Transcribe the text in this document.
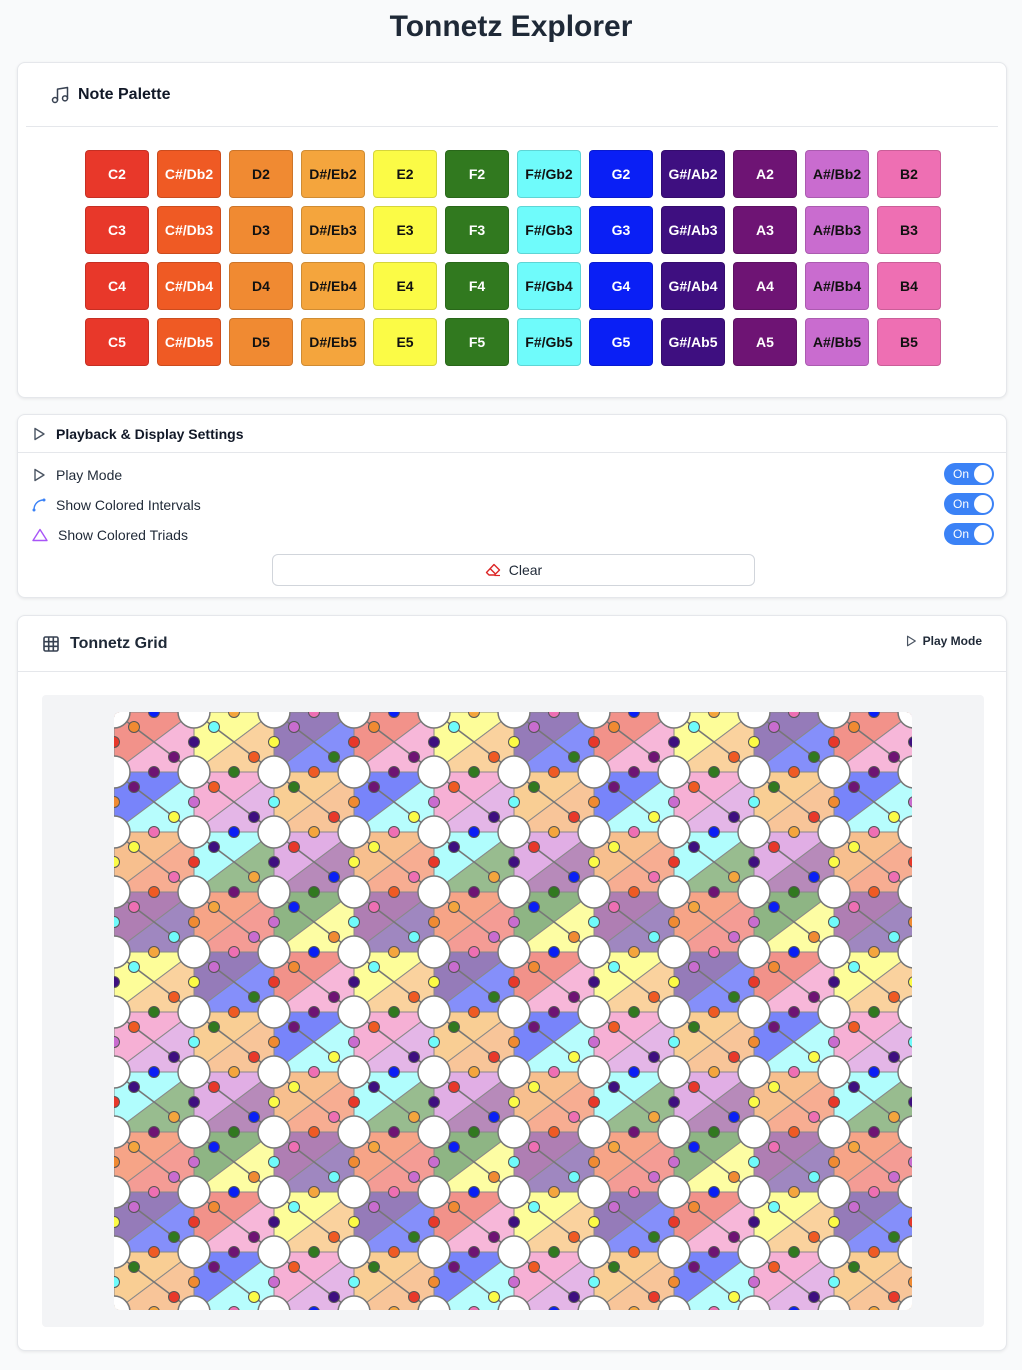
Tonnetz Explorer
Note Palette
C2	C#/Db2	D2	D#/Eb2	E2	F2	F#/Gb2	G2	G#/Ab2	A2	A#/Bb2	B2
C3	C#/Db3	D3	D#/Eb3	E3	F3	F#/Gb3	G3	G#/Ab3	A3	A#/Bb3	B3
C4	C#/Db4	D4	D#/Eb4	E4	F4	F#/Gb4	G4	G#/Ab4	A4	A#/Bb4	B4
C5	C#/Db5	D5	D#/Eb5	E5	F5	F#/Gb5	G5	G#/Ab5	A5	A#/Bb5	B5
Playback & Display Settings
Play Mode	On
Show Colored Intervals	On
Show Colored Triads	On
Clear
Tonnetz Grid	Play Mode
